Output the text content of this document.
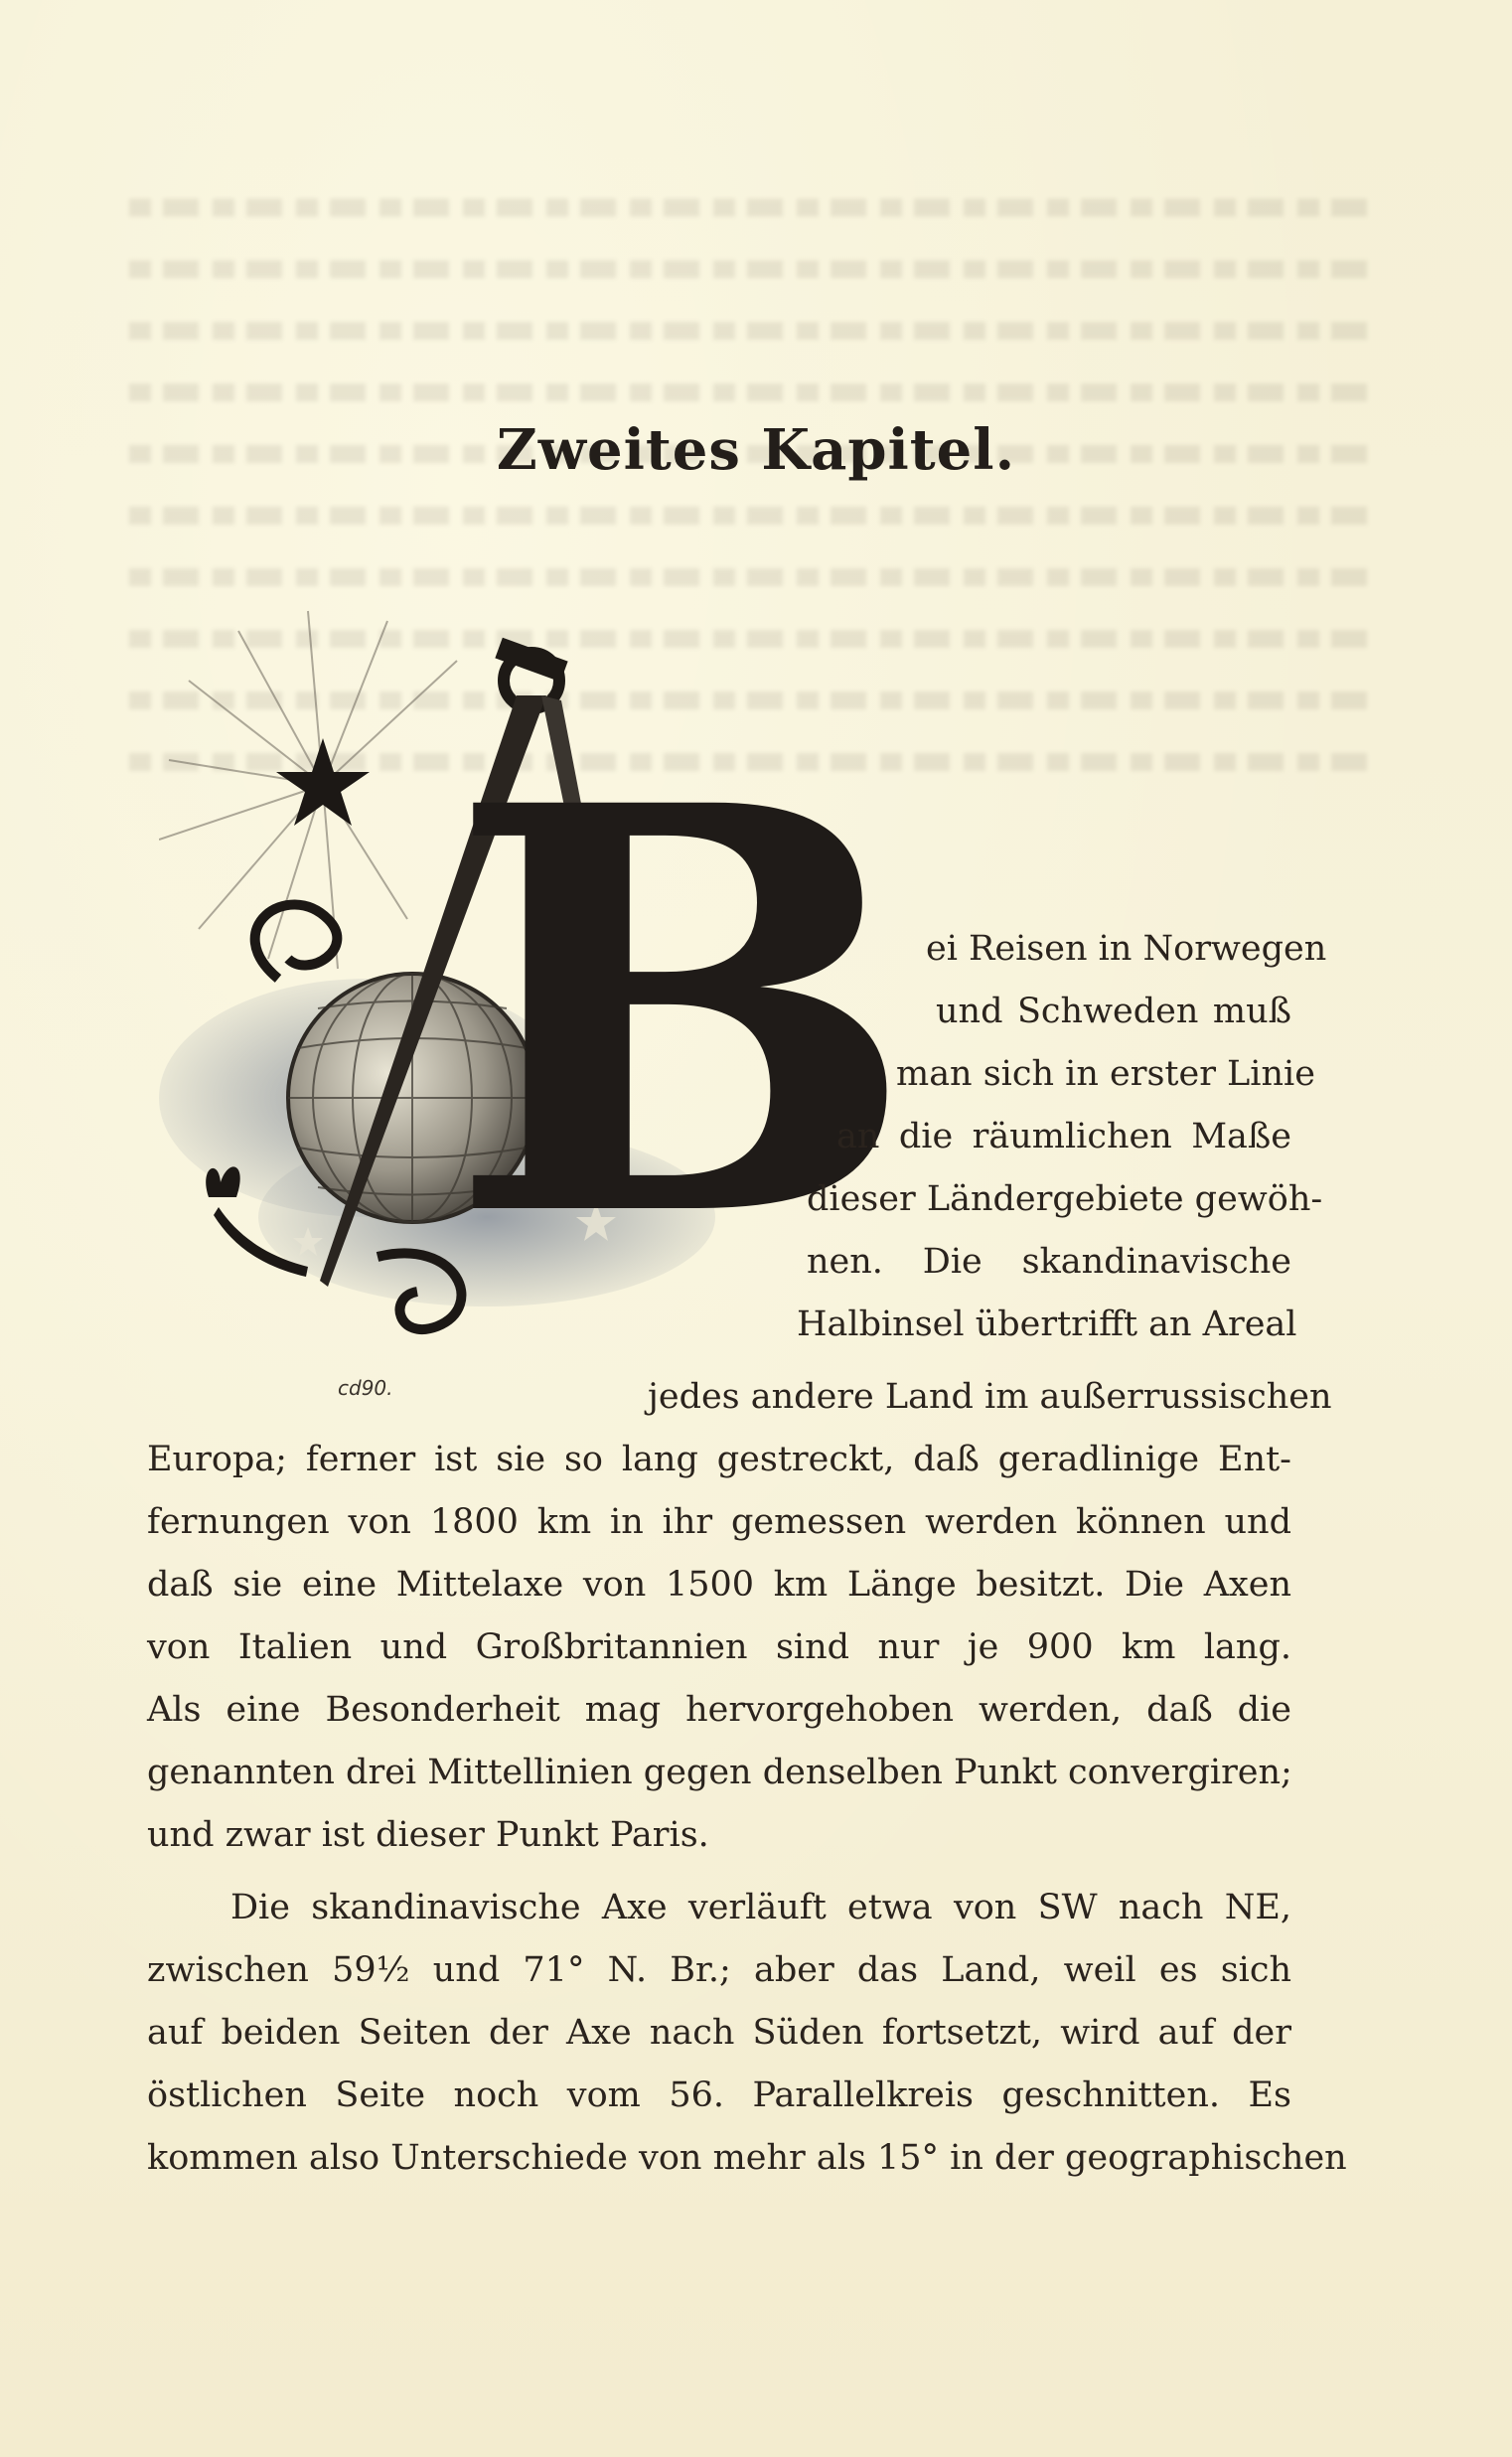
Zweites Kapitel.
B
cd90.
ei Reisen in Norwegen
und Schweden muß
man sich in erster Linie
an die räumlichen Maße
dieser Ländergebiete gewöh-
nen. Die skandinavische
Halbinsel übertrifft an Areal
jedes andere Land im außerrussischen
Europa; ferner ist sie so lang gestreckt, daß geradlinige Ent-
fernungen von 1800 km in ihr gemessen werden können und
daß sie eine Mittelaxe von 1500 km Länge besitzt. Die Axen
von Italien und Großbritannien sind nur je 900 km lang.
Als eine Besonderheit mag hervorgehoben werden, daß die
genannten drei Mittellinien gegen denselben Punkt convergiren;
und zwar ist dieser Punkt Paris.
Die skandinavische Axe verläuft etwa von SW nach NE,
zwischen 59½ und 71° N. Br.; aber das Land, weil es sich
auf beiden Seiten der Axe nach Süden fortsetzt, wird auf der
östlichen Seite noch vom 56. Parallelkreis geschnitten. Es
kommen also Unterschiede von mehr als 15° in der geographischen
